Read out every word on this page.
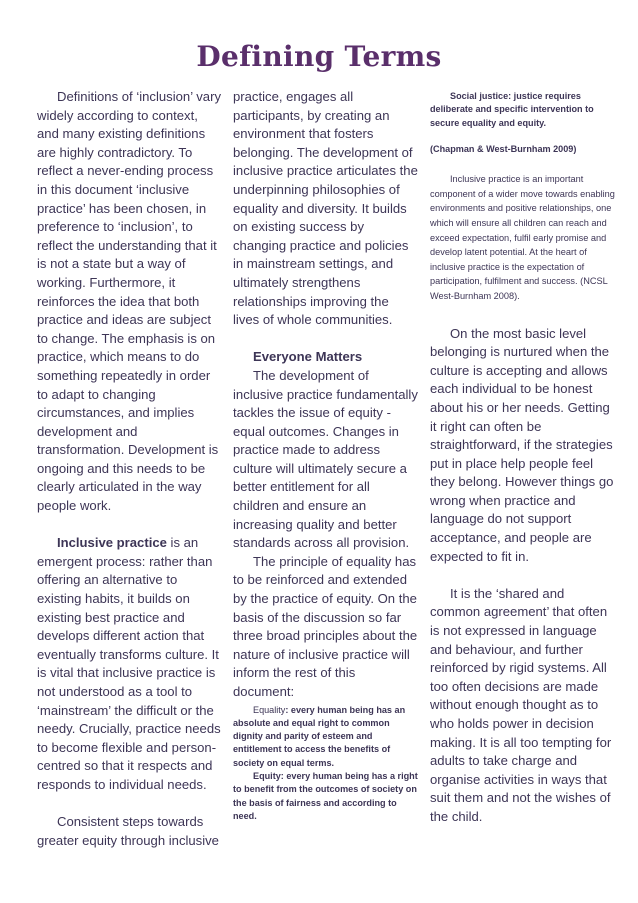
Defining Terms

Definitions of ‘inclusion’ vary widely according to context, and many existing definitions are highly contradictory. To reflect a never-ending process in this document ‘inclusive practice’ has been chosen, in preference to ‘inclusion’, to reflect the understanding that it is not a state but a way of working. Furthermore, it reinforces the idea that both practice and ideas are subject to change. The emphasis is on practice, which means to do something repeatedly in order to adapt to changing circumstances, and implies development and transformation. Development is ongoing and this needs to be clearly articulated in the way people work.

Inclusive practice is an emergent process: rather than offering an alternative to existing habits, it builds on existing best practice and develops different action that eventually transforms culture. It is vital that inclusive practice is not understood as a tool to ‘mainstream’ the difficult or the needy. Crucially, practice needs to become flexible and person-centred so that it respects and responds to individual needs.

Consistent steps towards greater equity through inclusive

practice, engages all participants, by creating an environment that fosters belonging. The development of inclusive practice articulates the underpinning philosophies of equality and diversity. It builds on existing success by changing practice and policies in mainstream settings, and ultimately strengthens relationships improving the lives of whole communities.

Everyone Matters

The development of inclusive practice fundamentally tackles the issue of equity - equal outcomes. Changes in practice made to address culture will ultimately secure a better entitlement for all children and ensure an increasing quality and better standards across all provision.

The principle of equality has to be reinforced and extended by the practice of equity. On the basis of the discussion so far three broad principles about the nature of inclusive practice will inform the rest of this document:

Equality: every human being has an absolute and equal right to common dignity and parity of esteem and entitlement to access the benefits of society on equal terms.

Equity: every human being has a right to benefit from the outcomes of society on the basis of fairness and according to need.

Social justice: justice requires deliberate and specific intervention to secure equality and equity.

(Chapman & West-Burnham 2009)

Inclusive practice is an important component of a wider move towards enabling environments and positive relationships, one which will ensure all children can reach and exceed expectation, fulfil early promise and develop latent potential. At the heart of inclusive practice is the expectation of participation, fulfilment and success. (NCSL West-Burnham 2008).

On the most basic level belonging is nurtured when the culture is accepting and allows each individual to be honest about his or her needs. Getting it right can often be straightforward, if the strategies put in place help people feel they belong. However things go wrong when practice and language do not support acceptance, and people are expected to fit in.

It is the ‘shared and common agreement’ that often is not expressed in language and behaviour, and further reinforced by rigid systems. All too often decisions are made without enough thought as to who holds power in decision making. It is all too tempting for adults to take charge and organise activities in ways that suit them and not the wishes of the child.
